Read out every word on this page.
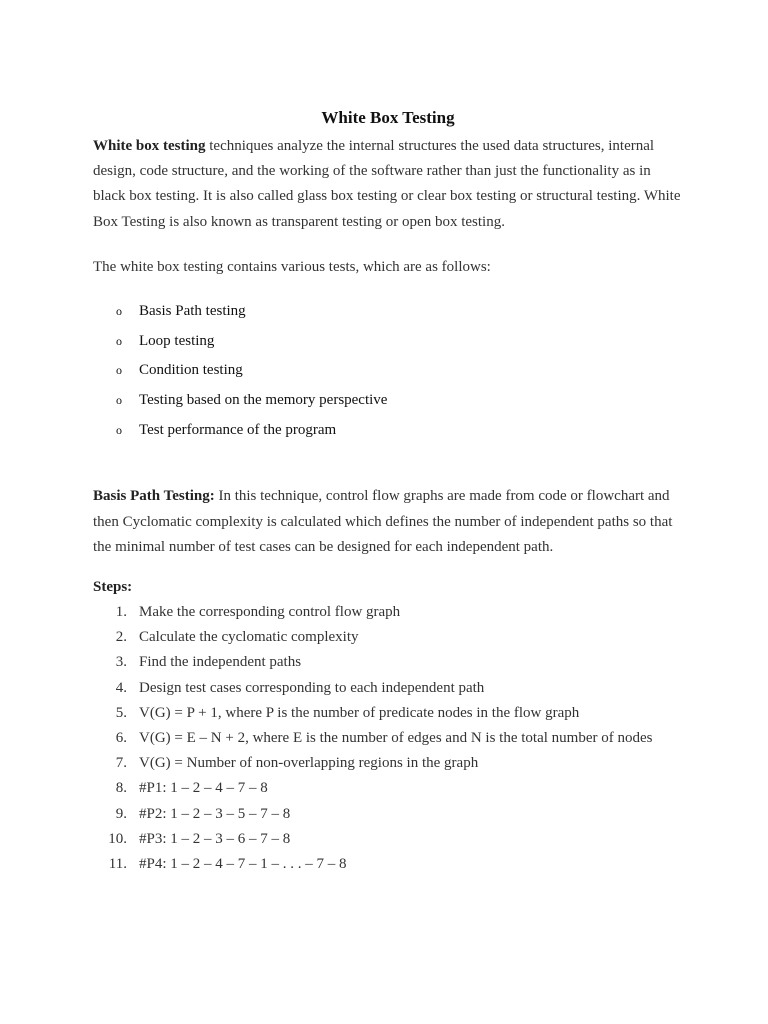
White Box Testing

White box testing techniques analyze the internal structures the used data structures, internal design, code structure, and the working of the software rather than just the functionality as in black box testing. It is also called glass box testing or clear box testing or structural testing. White Box Testing is also known as transparent testing or open box testing.

The white box testing contains various tests, which are as follows:

o Basis Path testing
o Loop testing
o Condition testing
o Testing based on the memory perspective
o Test performance of the program

Basis Path Testing: In this technique, control flow graphs are made from code or flowchart and then Cyclomatic complexity is calculated which defines the number of independent paths so that the minimal number of test cases can be designed for each independent path.

Steps:

1. Make the corresponding control flow graph
2. Calculate the cyclomatic complexity
3. Find the independent paths
4. Design test cases corresponding to each independent path
5. V(G) = P + 1, where P is the number of predicate nodes in the flow graph
6. V(G) = E – N + 2, where E is the number of edges and N is the total number of nodes
7. V(G) = Number of non-overlapping regions in the graph
8. #P1: 1 – 2 – 4 – 7 – 8
9. #P2: 1 – 2 – 3 – 5 – 7 – 8
10. #P3: 1 – 2 – 3 – 6 – 7 – 8
11. #P4: 1 – 2 – 4 – 7 – 1 – . . . – 7 – 8
